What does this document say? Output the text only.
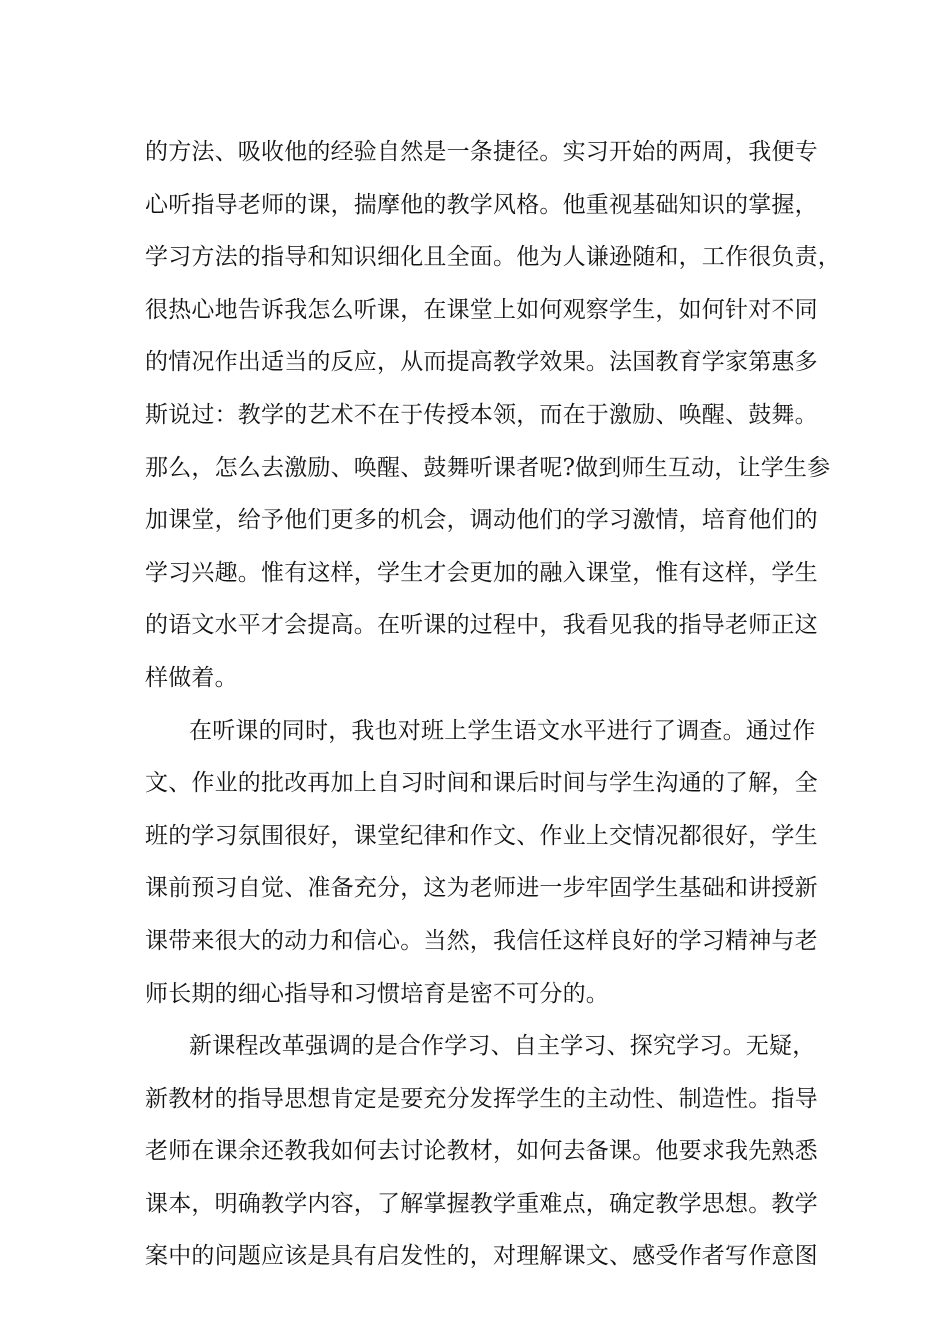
的方法、吸收他的经验自然是一条捷径。实习开始的两周，我便专
心听指导老师的课，揣摩他的教学风格。他重视基础知识的掌握，
学习方法的指导和知识细化且全面。他为人谦逊随和，工作很负责，
很热心地告诉我怎么听课，在课堂上如何观察学生，如何针对不同
的情况作出适当的反应，从而提高教学效果。法国教育学家第惠多
斯说过：教学的艺术不在于传授本领，而在于激励、唤醒、鼓舞。
那么，怎么去激励、唤醒、鼓舞听课者呢?做到师生互动，让学生参
加课堂，给予他们更多的机会，调动他们的学习激情，培育他们的
学习兴趣。惟有这样，学生才会更加的融入课堂，惟有这样，学生
的语文水平才会提高。在听课的过程中，我看见我的指导老师正这
样做着。
在听课的同时，我也对班上学生语文水平进行了调查。通过作
文、作业的批改再加上自习时间和课后时间与学生沟通的了解，全
班的学习氛围很好，课堂纪律和作文、作业上交情况都很好，学生
课前预习自觉、准备充分，这为老师进一步牢固学生基础和讲授新
课带来很大的动力和信心。当然，我信任这样良好的学习精神与老
师长期的细心指导和习惯培育是密不可分的。
新课程改革强调的是合作学习、自主学习、探究学习。无疑，
新教材的指导思想肯定是要充分发挥学生的主动性、制造性。指导
老师在课余还教我如何去讨论教材，如何去备课。他要求我先熟悉
课本，明确教学内容，了解掌握教学重难点，确定教学思想。教学
案中的问题应该是具有启发性的，对理解课文、感受作者写作意图
